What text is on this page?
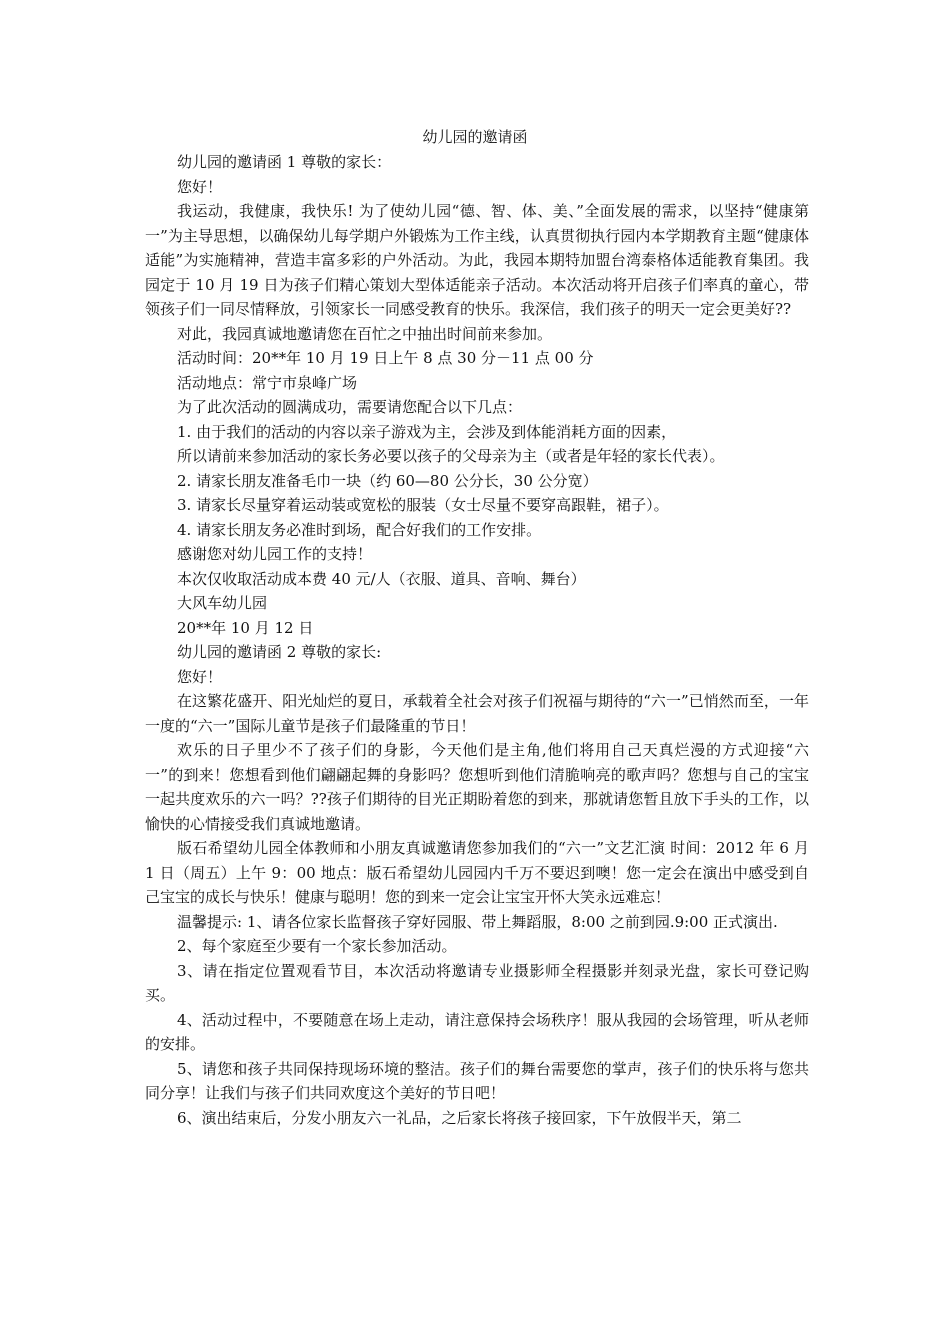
幼儿园的邀请函

幼儿园的邀请函 1 尊敬的家长：

您好！

我运动，我健康，我快乐! 为了使幼儿园“德、智、体、美、”全面发展的需求，以坚持“健康第一”为主导思想，以确保幼儿每学期户外锻炼为工作主线，认真贯彻执行园内本学期教育主题“健康体适能”为实施精神，营造丰富多彩的户外活动。为此，我园本期特加盟台湾泰格体适能教育集团。我园定于 10 月 19 日为孩子们精心策划大型体适能亲子活动。本次活动将开启孩子们率真的童心，带领孩子们一同尽情释放，引领家长一同感受教育的快乐。我深信，我们孩子的明天一定会更美好??

对此，我园真诚地邀请您在百忙之中抽出时间前来参加。

活动时间：20**年 10 月 19 日上午 8 点 30 分－11 点 00 分

活动地点：常宁市泉峰广场

为了此次活动的圆满成功，需要请您配合以下几点：

1. 由于我们的活动的内容以亲子游戏为主，会涉及到体能消耗方面的因素，

所以请前来参加活动的家长务必要以孩子的父母亲为主（或者是年轻的家长代表）。

2. 请家长朋友准备毛巾一块（约 60—80 公分长，30 公分宽）

3. 请家长尽量穿着运动装或宽松的服装（女士尽量不要穿高跟鞋，裙子）。

4. 请家长朋友务必准时到场，配合好我们的工作安排。

感谢您对幼儿园工作的支持！

本次仅收取活动成本费 40 元/人（衣服、道具、音响、舞台）

大风车幼儿园

20**年 10 月 12 日

幼儿园的邀请函 2 尊敬的家长:

您好！

在这繁花盛开、阳光灿烂的夏日，承载着全社会对孩子们祝福与期待的“六一”已悄然而至，一年一度的“六一”国际儿童节是孩子们最隆重的节日！

欢乐的日子里少不了孩子们的身影，今天他们是主角,他们将用自己天真烂漫的方式迎接“六一”的到来！您想看到他们翩翩起舞的身影吗？您想听到他们清脆响亮的歌声吗？您想与自己的宝宝一起共度欢乐的六一吗？??孩子们期待的目光正期盼着您的到来，那就请您暂且放下手头的工作，以愉快的心情接受我们真诚地邀请。

版石希望幼儿园全体教师和小朋友真诚邀请您参加我们的“六一”文艺汇演 时间：2012 年 6 月 1 日（周五）上午 9：00 地点：版石希望幼儿园园内千万不要迟到噢！您一定会在演出中感受到自己宝宝的成长与快乐！健康与聪明！您的到来一定会让宝宝开怀大笑永远难忘！

温馨提示: 1、请各位家长监督孩子穿好园服、带上舞蹈服，8:00 之前到园.9:00 正式演出.

2、每个家庭至少要有一个家长参加活动。

3、请在指定位置观看节目，本次活动将邀请专业摄影师全程摄影并刻录光盘，家长可登记购买。

4、活动过程中，不要随意在场上走动，请注意保持会场秩序！服从我园的会场管理，听从老师的安排。

5、请您和孩子共同保持现场环境的整洁。孩子们的舞台需要您的掌声，孩子们的快乐将与您共同分享！让我们与孩子们共同欢度这个美好的节日吧！

6、演出结束后，分发小朋友六一礼品，之后家长将孩子接回家，下午放假半天，第二
